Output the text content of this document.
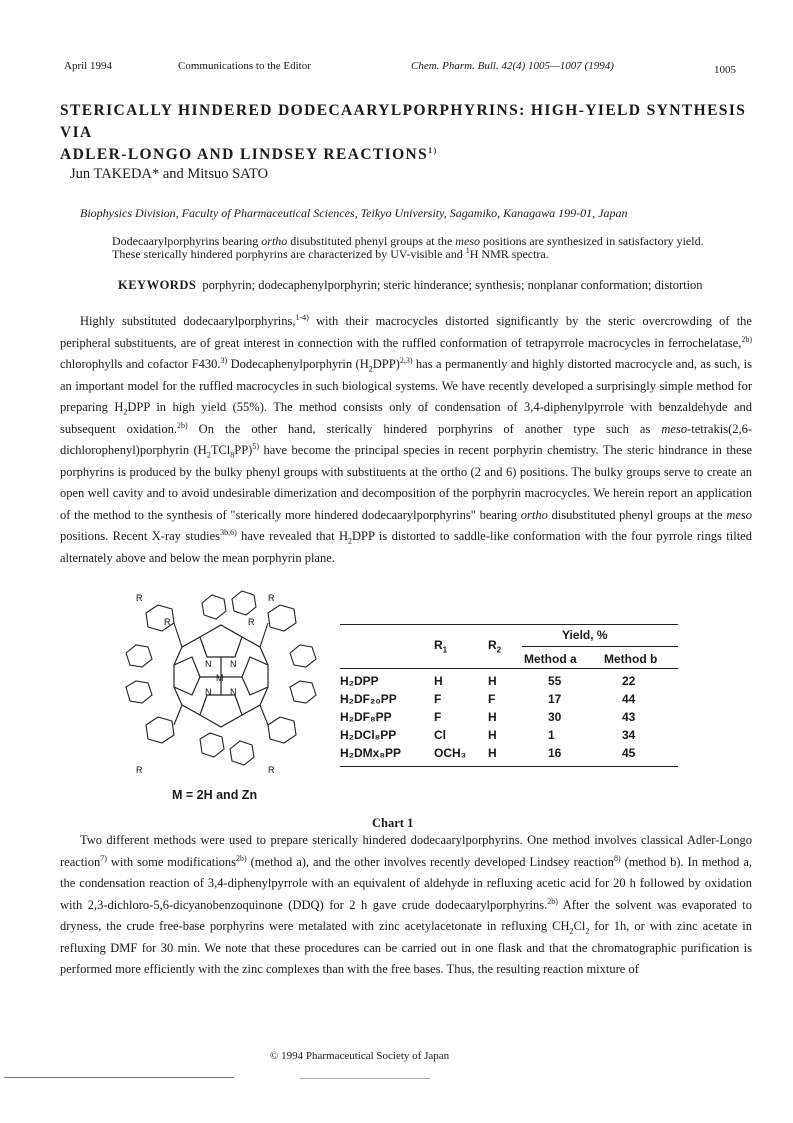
April 1994	Communications to the Editor	Chem. Pharm. Bull. 42(4) 1005—1007 (1994)	1005
STERICALLY HINDERED DODECAARYLPORPHYRINS: HIGH-YIELD SYNTHESIS VIA
ADLER-LONGO AND LINDSEY REACTIONS$^{1)}$
Jun TAKEDA* and Mitsuo SATO
Biophysics Division, Faculty of Pharmaceutical Sciences, Teikyo University, Sagamiko, Kanagawa 199-01, Japan
Dodecaarylporphyrins bearing ortho disubstituted phenyl groups at the meso positions are synthesized in satisfactory yield.
These sterically hindered porphyrins are characterized by UV-visible and $^1$H NMR spectra.
KEYWORDS porphyrin; dodecaphenylporphyrin; steric hinderance; synthesis; nonplanar conformation; distortion
Highly substituted dodecaarylporphyrins,$^{1-4)}$ with their macrocycles distorted significantly by the steric overcrowding of the peripheral substituents, are of great interest in connection with the ruffled conformation of tetrapyrrole macrocycles in ferrochelatase,$^{2b)}$ chlorophylls and cofactor F430.$^{3)}$ Dodecaphenylporphyrin $(H_2DPP)^{2,3)}$ has a permanently and highly distorted macrocycle and, as such, is an important model for the ruffled macrocycles in such biological systems. We have recently developed a surprisingly simple method for preparing $H_2DPP$ in high yield (55%). The method consists only of condensation of 3,4-diphenylpyrrole with benzaldehyde and subsequent oxidation.$^{2b)}$ On the other hand, sterically hindered porphyrins of another type such as meso-tetrakis(2,6-dichlorophenyl)porphyrin $(H_2TCl_8PP)^{5)}$ have become the principal species in recent porphyrin chemistry. The steric hindrance in these porphyrins is produced by the bulky phenyl groups with substituents at the ortho (2 and 6) positions. The bulky groups serve to create an open well cavity and to avoid undesirable dimerization and decomposition of the porphyrin macrocycles. We herein report an application of the method to the synthesis of "sterically more hindered dodecaarylporphyrins" bearing ortho disubstituted phenyl groups at the meso positions. Recent X-ray studies$^{3b,6)}$ have revealed that $H_2DPP$ is distorted to saddle-like conformation with the four pyrrole rings tilted alternately above and below the mean porphyrin plane.
M
N N
N N
R	R
R	R
R	R
M = 2H and Zn
$R_1$	$R_2$
Yield, %
Method a Method b
H₂DPP	H	H	55	22
H₂DF₂₀PP	F	F	17	44
H₂DF₈PP	F	H	30	43
H₂DCl₈PP	Cl	H	1	34
H₂DMx₈PP	OCH₃ H	16	45
Chart 1
Two different methods were used to prepare sterically hindered dodecaarylporphyrins. One method involves classical Adler-Longo reaction$^{7)}$ with some modifications$^{2b)}$ (method a), and the other involves recently developed Lindsey reaction$^{8)}$ (method b). In method a, the condensation reaction of 3,4-diphenylpyrrole with an equivalent of aldehyde in refluxing acetic acid for 20 h followed by oxidation with 2,3-dichloro-5,6-dicyanobenzoquinone (DDQ) for 2 h gave crude dodecaarylporphyrins.$^{2b)}$ After the solvent was evaporated to dryness, the crude free-base porphyrins were metalated with zinc acetylacetonate in refluxing $CH_2Cl_2$ for 1h, or with zinc acetate in refluxing DMF for 30 min. We note that these procedures can be carried out in one flask and that the chromatographic purification is performed more efficiently with the zinc complexes than with the free bases. Thus, the resulting reaction mixture of
© 1994 Pharmaceutical Society of Japan
